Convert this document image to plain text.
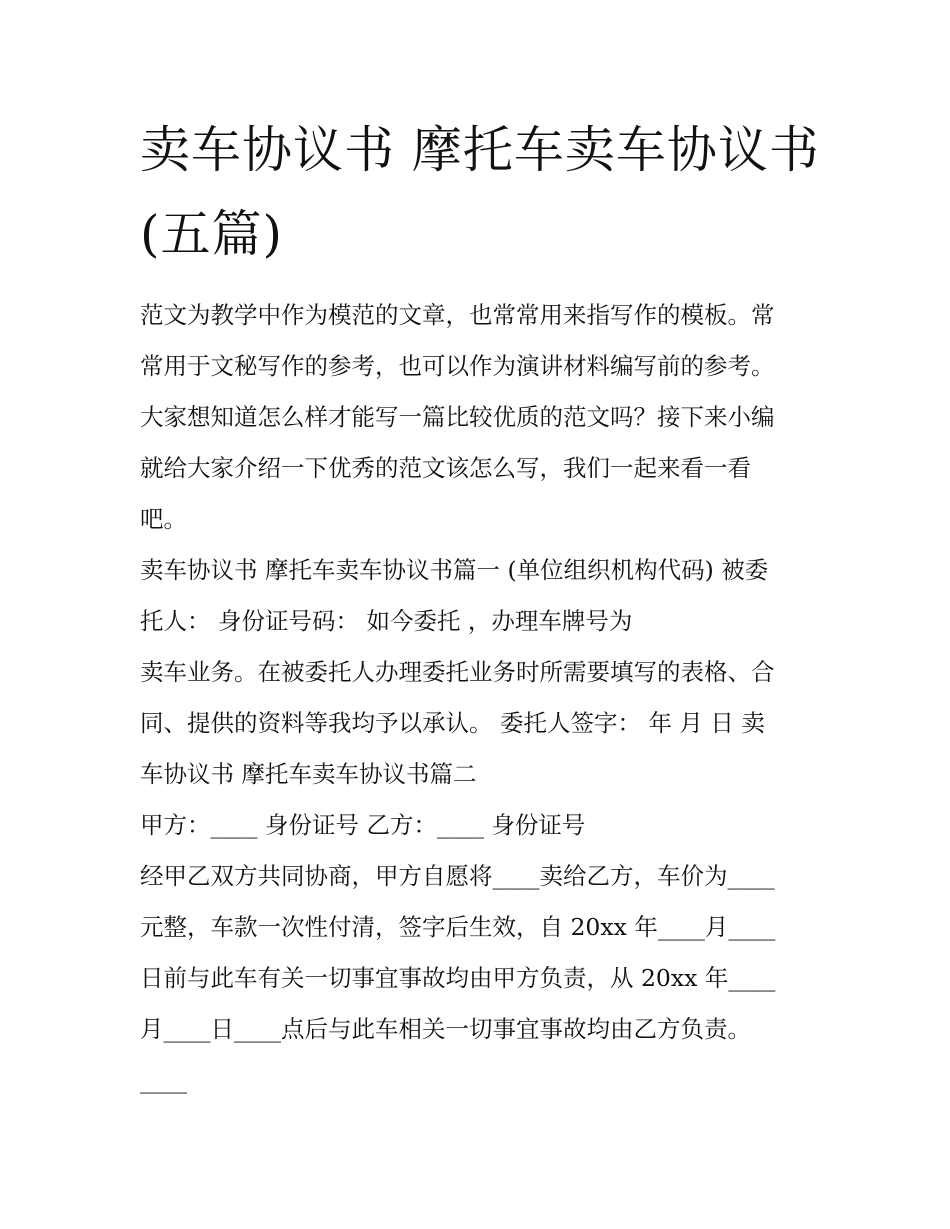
卖车协议书 摩托车卖车协议书
(五篇)

范文为教学中作为模范的文章，也常常用来指写作的模板。常

常用于文秘写作的参考，也可以作为演讲材料编写前的参考。

大家想知道怎么样才能写一篇比较优质的范文吗？接下来小编

就给大家介绍一下优秀的范文该怎么写，我们一起来看一看

吧。

卖车协议书 摩托车卖车协议书篇一 (单位组织机构代码) 被委

托人： 身份证号码： 如今委托 ，办理车牌号为

卖车业务。在被委托人办理委托业务时所需要填写的表格、合

同、提供的资料等我均予以承认。 委托人签字： 年 月 日 卖

车协议书 摩托车卖车协议书篇二

甲方：____ 身份证号 乙方：____ 身份证号

经甲乙双方共同协商，甲方自愿将____卖给乙方，车价为____

元整，车款一次性付清，签字后生效，自 20xx 年____月____

日前与此车有关一切事宜事故均由甲方负责，从 20xx 年____

月____日____点后与此车相关一切事宜事故均由乙方负责。

____
